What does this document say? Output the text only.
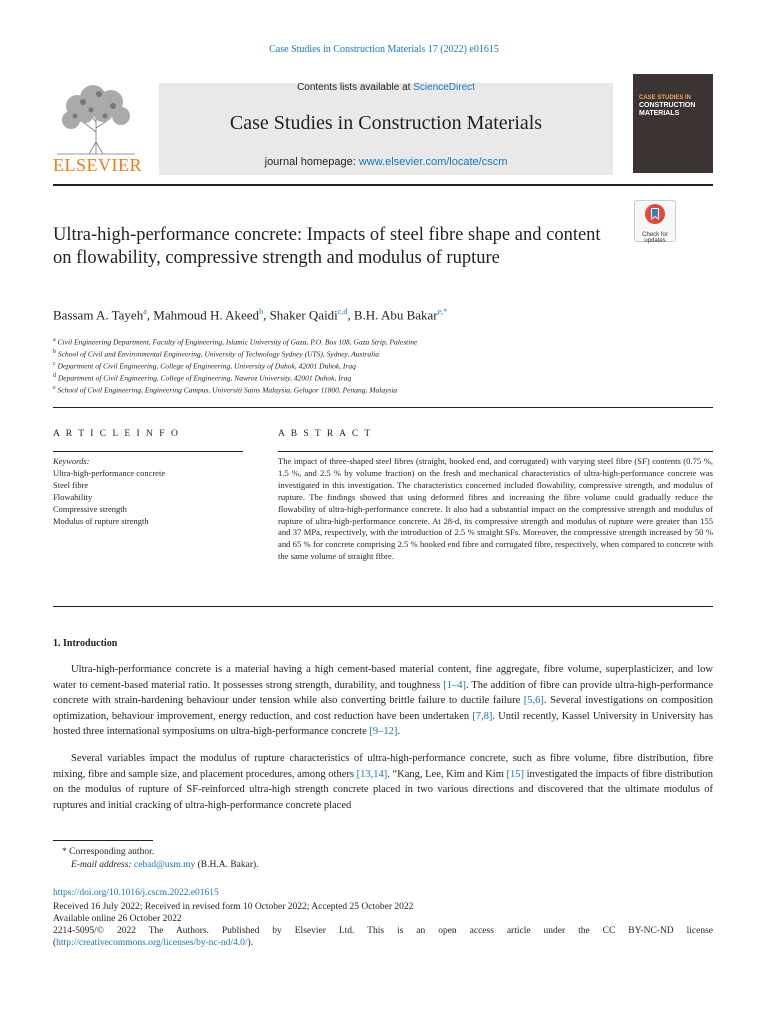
Case Studies in Construction Materials 17 (2022) e01615
ELSEVIER
Contents lists available at ScienceDirect
Case Studies in Construction Materials
journal homepage: www.elsevier.com/locate/cscm
CASE STUDIES IN
CONSTRUCTION
MATERIALS
Ultra-high-performance concrete: Impacts of steel fibre shape and content on flowability, compressive strength and modulus of rupture
Check for
updates
Bassam A. Tayeh$^a$, Mahmoud H. Akeed$^b$, Shaker Qaidi$^{c,d}$, B.H. Abu Bakar$^{e,*}$
$^a$ Civil Engineering Department, Faculty of Engineering, Islamic University of Gaza, P.O. Box 108, Gaza Strip, Palestine
$^b$ School of Civil and Environmental Engineering, University of Technology Sydney (UTS), Sydney, Australia
$^c$ Department of Civil Engineering, College of Engineering, University of Duhok, 42001 Duhok, Iraq
$^d$ Department of Civil Engineering, College of Engineering, Nawroz University, 42001 Duhok, Iraq
$^e$ School of Civil Engineering, Engineering Campus, Universiti Sains Malaysia, Gelugor 11800, Penang, Malaysia
A R T I C L E I N F O
Keywords:
Ultra-high-performance concrete
Steel fibre
Flowability
Compressive strength
Modulus of rupture strength
A B S T R A C T
The impact of three-shaped steel fibres (straight, hooked end, and corrugated) with varying steel fibre (SF) contents (0.75 %, 1.5 %, and 2.5 % by volume fraction) on the fresh and mechanical characteristics of ultra-high-performance concrete was investigated in this investigation. The characteristics concerned included flowability, compressive strength, and modulus of rupture. The findings showed that using deformed fibres and increasing the fibre volume could gradually reduce the flowability of ultra-high-performance concrete. It also had a substantial impact on the compressive strength and modulus of rupture of ultra-high-performance concrete. At 28-d, its compressive strength and modulus of rupture were greater than 155 and 37 MPa, respectively, with the introduction of 2.5 % straight SFs. Moreover, the compressive strength increased by 50 % and 65 % for concrete comprising 2.5 % hooked end fibre and corrugated fibre, respectively, when compared to concrete with the same volume of straight fibre.
1. Introduction
Ultra-high-performance concrete is a material having a high cement-based material content, fine aggregate, fibre volume, superplasticizer, and low water to cement-based material ratio. It possesses strong strength, durability, and toughness [1–4]. The addition of fibre can provide ultra-high-performance concrete with strain-hardening behaviour under tension while also converting brittle failure to ductile failure [5,6]. Several investigations on composition optimization, behaviour improvement, energy reduction, and cost reduction have been undertaken [7,8]. Until recently, Kassel University in University has hosted three international symposiums on ultra-high-performance concrete [9–12].
Several variables impact the modulus of rupture characteristics of ultra-high-performance concrete, such as fibre volume, fibre distribution, fibre mixing, fibre and sample size, and placement procedures, among others [13,14]. “Kang, Lee, Kim and Kim [15] investigated the impacts of fibre distribution on the modulus of rupture of SF-reinforced ultra-high strength concrete placed in two various directions and discovered that the ultimate modulus of ruptures and initial cracking of ultra-high-performance concrete placed
* Corresponding author.
E-mail address: cebad@usm.my (B.H.A. Bakar).
https://doi.org/10.1016/j.cscm.2022.e01615
Received 16 July 2022; Received in revised form 10 October 2022; Accepted 25 October 2022
Available online 26 October 2022
2214-5095/© 2022 The Authors. Published by Elsevier Ltd. This is an open access article under the CC BY-NC-ND license
(http://creativecommons.org/licenses/by-nc-nd/4.0/).
